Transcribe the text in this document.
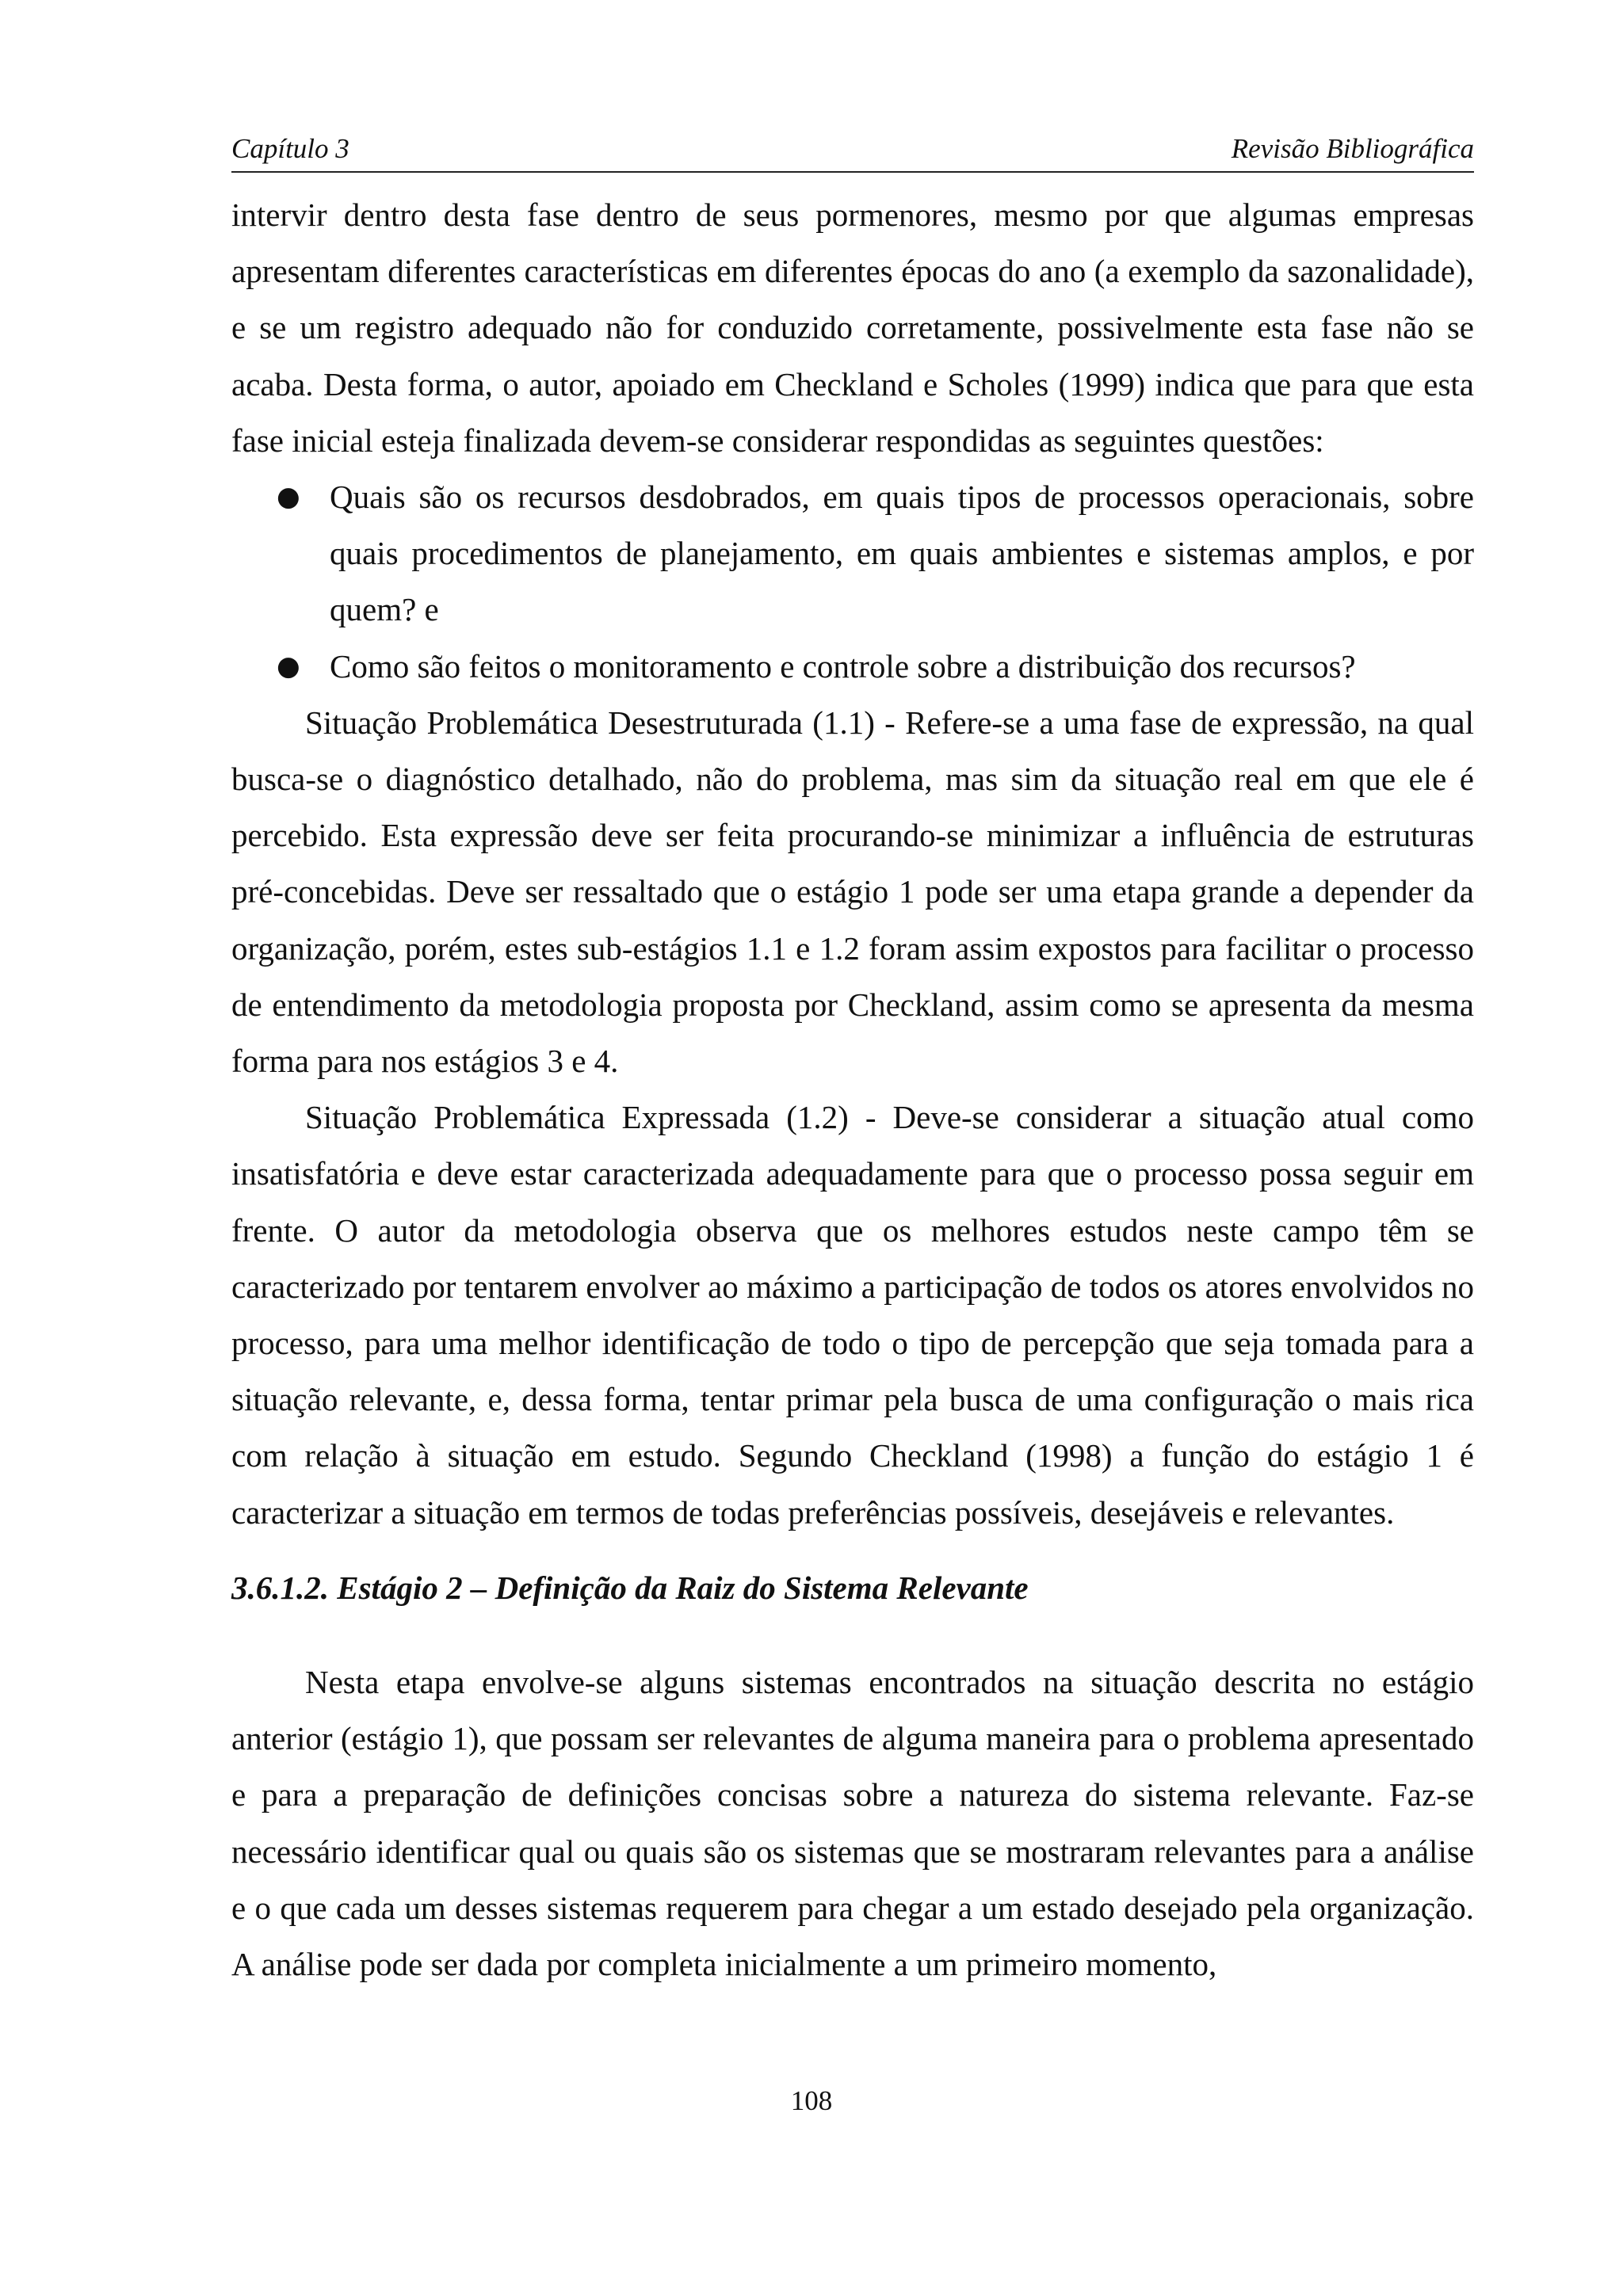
Capítulo 3	Revisão Bibliográfica

intervir dentro desta fase dentro de seus pormenores, mesmo por que algumas empresas apresentam diferentes características em diferentes épocas do ano (a exemplo da sazonalidade), e se um registro adequado não for conduzido corretamente, possivelmente esta fase não se acaba. Desta forma, o autor, apoiado em Checkland e Scholes (1999) indica que para que esta fase inicial esteja finalizada devem-se considerar respondidas as seguintes questões:

● Quais são os recursos desdobrados, em quais tipos de processos operacionais, sobre quais procedimentos de planejamento, em quais ambientes e sistemas amplos, e por quem? e
● Como são feitos o monitoramento e controle sobre a distribuição dos recursos?

Situação Problemática Desestruturada (1.1) - Refere-se a uma fase de expressão, na qual busca-se o diagnóstico detalhado, não do problema, mas sim da situação real em que ele é percebido. Esta expressão deve ser feita procurando-se minimizar a influência de estruturas pré-concebidas. Deve ser ressaltado que o estágio 1 pode ser uma etapa grande a depender da organização, porém, estes sub-estágios 1.1 e 1.2 foram assim expostos para facilitar o processo de entendimento da metodologia proposta por Checkland, assim como se apresenta da mesma forma para nos estágios 3 e 4.

Situação Problemática Expressada (1.2) - Deve-se considerar a situação atual como insatisfatória e deve estar caracterizada adequadamente para que o processo possa seguir em frente. O autor da metodologia observa que os melhores estudos neste campo têm se caracterizado por tentarem envolver ao máximo a participação de todos os atores envolvidos no processo, para uma melhor identificação de todo o tipo de percepção que seja tomada para a situação relevante, e, dessa forma, tentar primar pela busca de uma configuração o mais rica com relação à situação em estudo. Segundo Checkland (1998) a função do estágio 1 é caracterizar a situação em termos de todas preferências possíveis, desejáveis e relevantes.

3.6.1.2. Estágio 2 – Definição da Raiz do Sistema Relevante

Nesta etapa envolve-se alguns sistemas encontrados na situação descrita no estágio anterior (estágio 1), que possam ser relevantes de alguma maneira para o problema apresentado e para a preparação de definições concisas sobre a natureza do sistema relevante. Faz-se necessário identificar qual ou quais são os sistemas que se mostraram relevantes para a análise e o que cada um desses sistemas requerem para chegar a um estado desejado pela organização. A análise pode ser dada por completa inicialmente a um primeiro momento,

108
